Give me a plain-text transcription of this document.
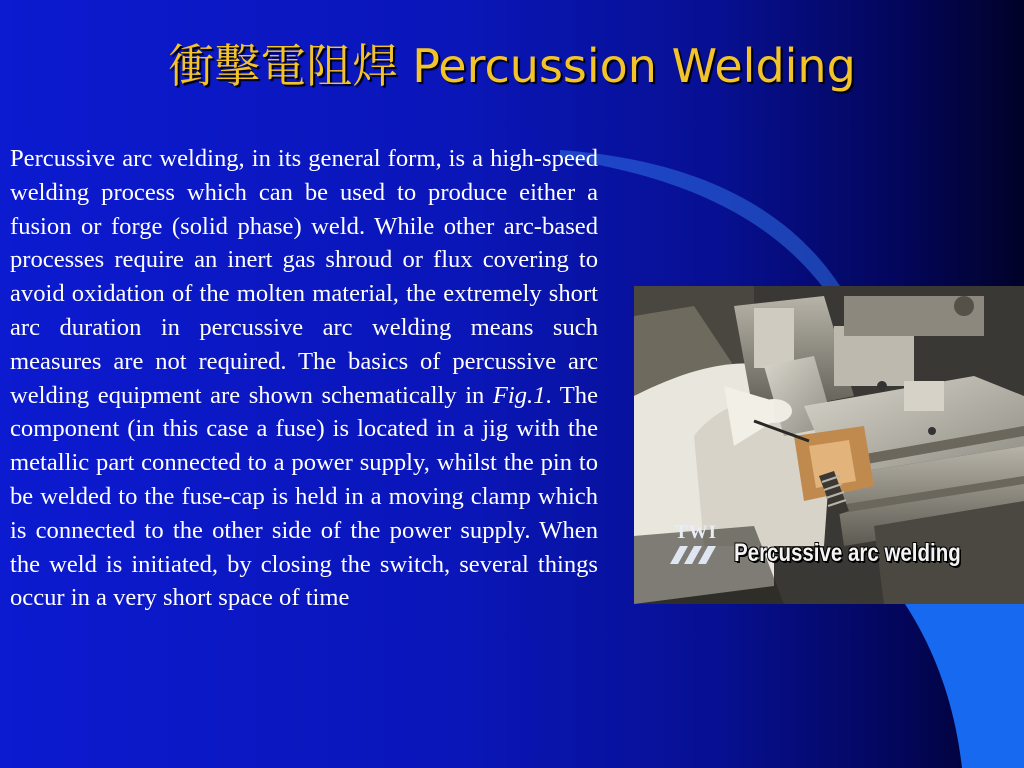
衝擊電阻焊 Percussion Welding
Percussive arc welding, in its general form, is a high-speed welding process which can be used to produce either a fusion or forge (solid phase) weld. While other arc-based processes require an inert gas shroud or flux covering to avoid oxidation of the molten material, the extremely short arc duration in percussive arc welding means such measures are not required. The basics of percussive arc welding equipment are shown schematically in Fig.1. The component (in this case a fuse) is located in a jig with the metallic part connected to a power supply, whilst the pin to be welded to the fuse-cap is held in a moving clamp which is connected to the other side of the power supply. When the weld is initiated, by closing the switch, several things occur in a very short space of time
TWI
Percussive arc welding
